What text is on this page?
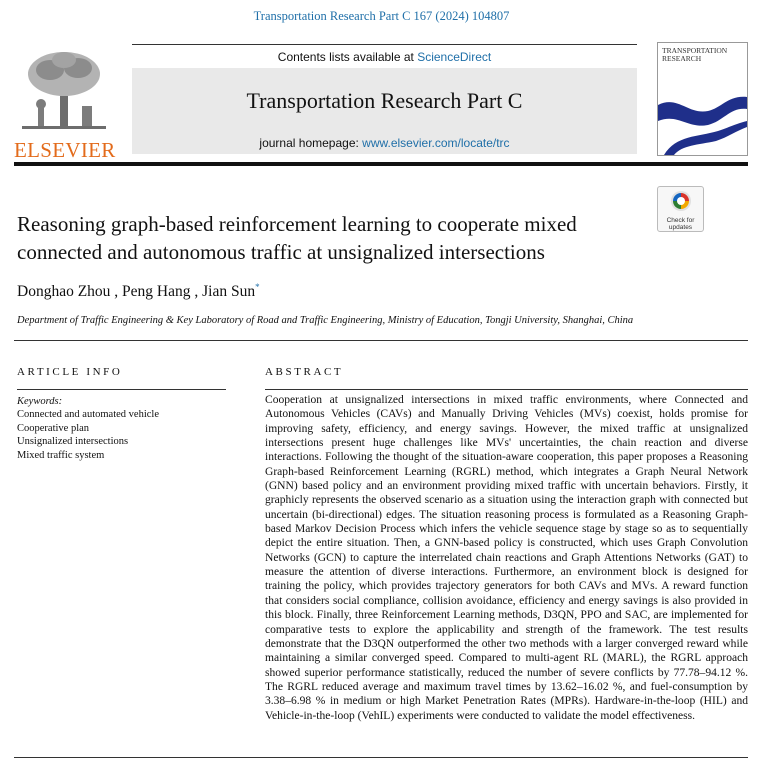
Transportation Research Part C 167 (2024) 104807
ELSEVIER
Contents lists available at ScienceDirect
Transportation Research Part C
journal homepage: www.elsevier.com/locate/trc
TRANSPORTATION RESEARCH
Check for updates
Reasoning graph-based reinforcement learning to cooperate mixed connected and autonomous traffic at unsignalized intersections
Donghao Zhou , Peng Hang , Jian Sun*
Department of Traffic Engineering & Key Laboratory of Road and Traffic Engineering, Ministry of Education, Tongji University, Shanghai, China
ARTICLE INFO	ABSTRACT
Keywords:
Connected and automated vehicle
Cooperative plan
Unsignalized intersections
Mixed traffic system

Cooperation at unsignalized intersections in mixed traffic environments, where Connected and Autonomous Vehicles (CAVs) and Manually Driving Vehicles (MVs) coexist, holds promise for improving safety, efficiency, and energy savings. However, the mixed traffic at unsignalized intersections present huge challenges like MVs' uncertainties, the chain reaction and diverse interactions. Following the thought of the situation-aware cooperation, this paper proposes a Reasoning Graph-based Reinforcement Learning (RGRL) method, which integrates a Graph Neural Network (GNN) based policy and an environment providing mixed traffic with uncertain behaviors. Firstly, it graphicly represents the observed scenario as a situation using the interaction graph with connected but uncertain (bi-directional) edges. The situation reasoning process is formulated as a Reasoning Graph-based Markov Decision Process which infers the vehicle sequence stage by stage so as to sequentially depict the entire situation. Then, a GNN-based policy is constructed, which uses Graph Convolution Networks (GCN) to capture the interrelated chain reactions and Graph Attentions Networks (GAT) to measure the attention of diverse interactions. Furthermore, an environment block is designed for training the policy, which provides trajectory generators for both CAVs and MVs. A reward function that considers social compliance, collision avoidance, efficiency and energy savings is also provided in this block. Finally, three Reinforcement Learning methods, D3QN, PPO and SAC, are implemented for comparative tests to explore the applicability and strength of the framework. The test results demonstrate that the D3QN outperformed the other two methods with a larger converged reward while maintaining a similar converged speed. Compared to multi-agent RL (MARL), the RGRL approach showed superior performance statistically, reduced the number of severe conflicts by 77.78–94.12 %. The RGRL reduced average and maximum travel times by 13.62–16.02 %, and fuel-consumption by 3.38–6.98 % in medium or high Market Penetration Rates (MPRs). Hardware-in-the-loop (HIL) and Vehicle-in-the-loop (VehIL) experiments were conducted to validate the model effectiveness.
